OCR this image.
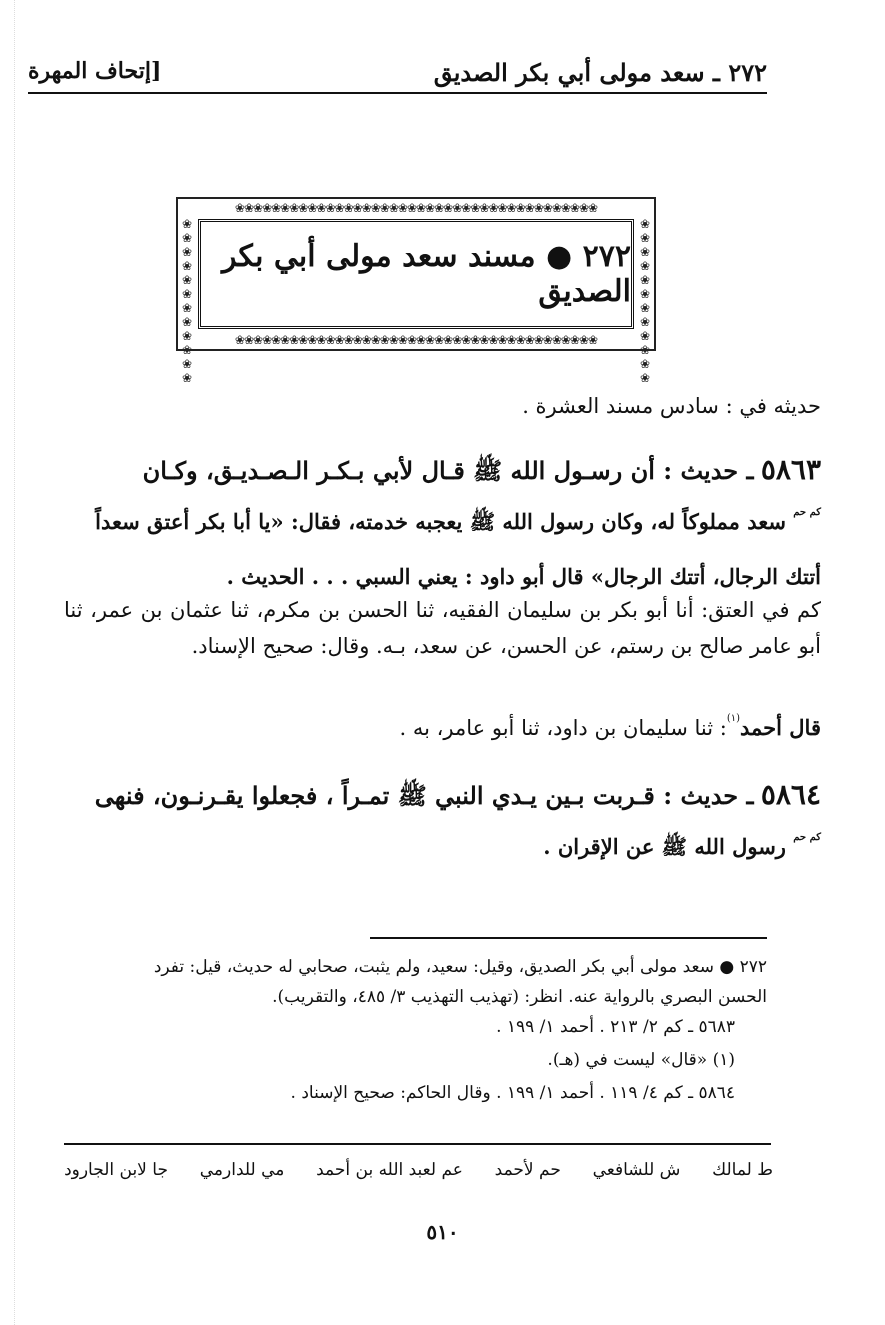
[إتحاف المهرة	٢٧٢ ـ سعد مولى أبي بكر الصديق
❀❀❀❀❀❀❀❀❀❀❀❀❀❀❀❀❀❀❀❀❀❀❀❀❀❀❀❀❀❀❀❀❀❀❀❀❀❀❀❀
❀❀❀❀❀❀❀❀❀❀❀❀❀❀❀❀❀❀❀❀❀❀❀❀❀❀❀❀❀❀❀❀❀❀❀❀❀❀❀❀
❀❀❀❀❀❀❀❀❀❀❀❀
❀❀❀❀❀❀❀❀❀❀❀❀
٢٧٢ ● مسند سعد مولى أبي بكر الصديق
حديثه في : سادس مسند العشرة .
٥٨٦٣ ـ حديث : أن رسـول الله ﷺ قـال لأبي بـكـر الـصـديـق، وكـان
$^{كم حم}$ سعد مملوكاً له، وكان رسول الله ﷺ يعجبه خدمته، فقال: «يا أبا بكر أعتق سعداً
أتتك الرجال، أتتك الرجال» قال أبو داود : يعني السبي . . . الحديث .
كم في العتق: أنا أبو بكر بن سليمان الفقيه، ثنا الحسن بن مكرم، ثنا عثمان بن عمر، ثنا أبو عامر صالح بن رستم، عن الحسن، عن سعد، بـه. وقال: صحيح الإسناد.
قال أحمد$^{(١)}$: ثنا سليمان بن داود، ثنا أبو عامر، به .
٥٨٦٤ ـ حديث : قـربت بـين يـدي النبي ﷺ تمـراً ، فجعلوا يقـرنـون، فنهى
$^{كم حم}$ رسول الله ﷺ عن الإقران .
٢٧٢ ● سعد مولى أبي بكر الصديق، وقيل: سعيد، ولم يثبت، صحابي له حديث، قيل: تفرد
الحسن البصري بالرواية عنه. انظر: (تهذيب التهذيب ٣/ ٤٨٥، والتقريب).
٥٦٨٣ ـ كم ٢/ ٢١٣ . أحمد ١/ ١٩٩ .
(١) «قال» ليست في (هـ).
٥٨٦٤ ـ كم ٤/ ١١٩ . أحمد ١/ ١٩٩ . وقال الحاكم: صحيح الإسناد .
ط لمالك
ش للشافعي
حم لأحمد
عم لعبد الله بن أحمد
مي للدارمي
جا لابن الجارود
٥١٠
